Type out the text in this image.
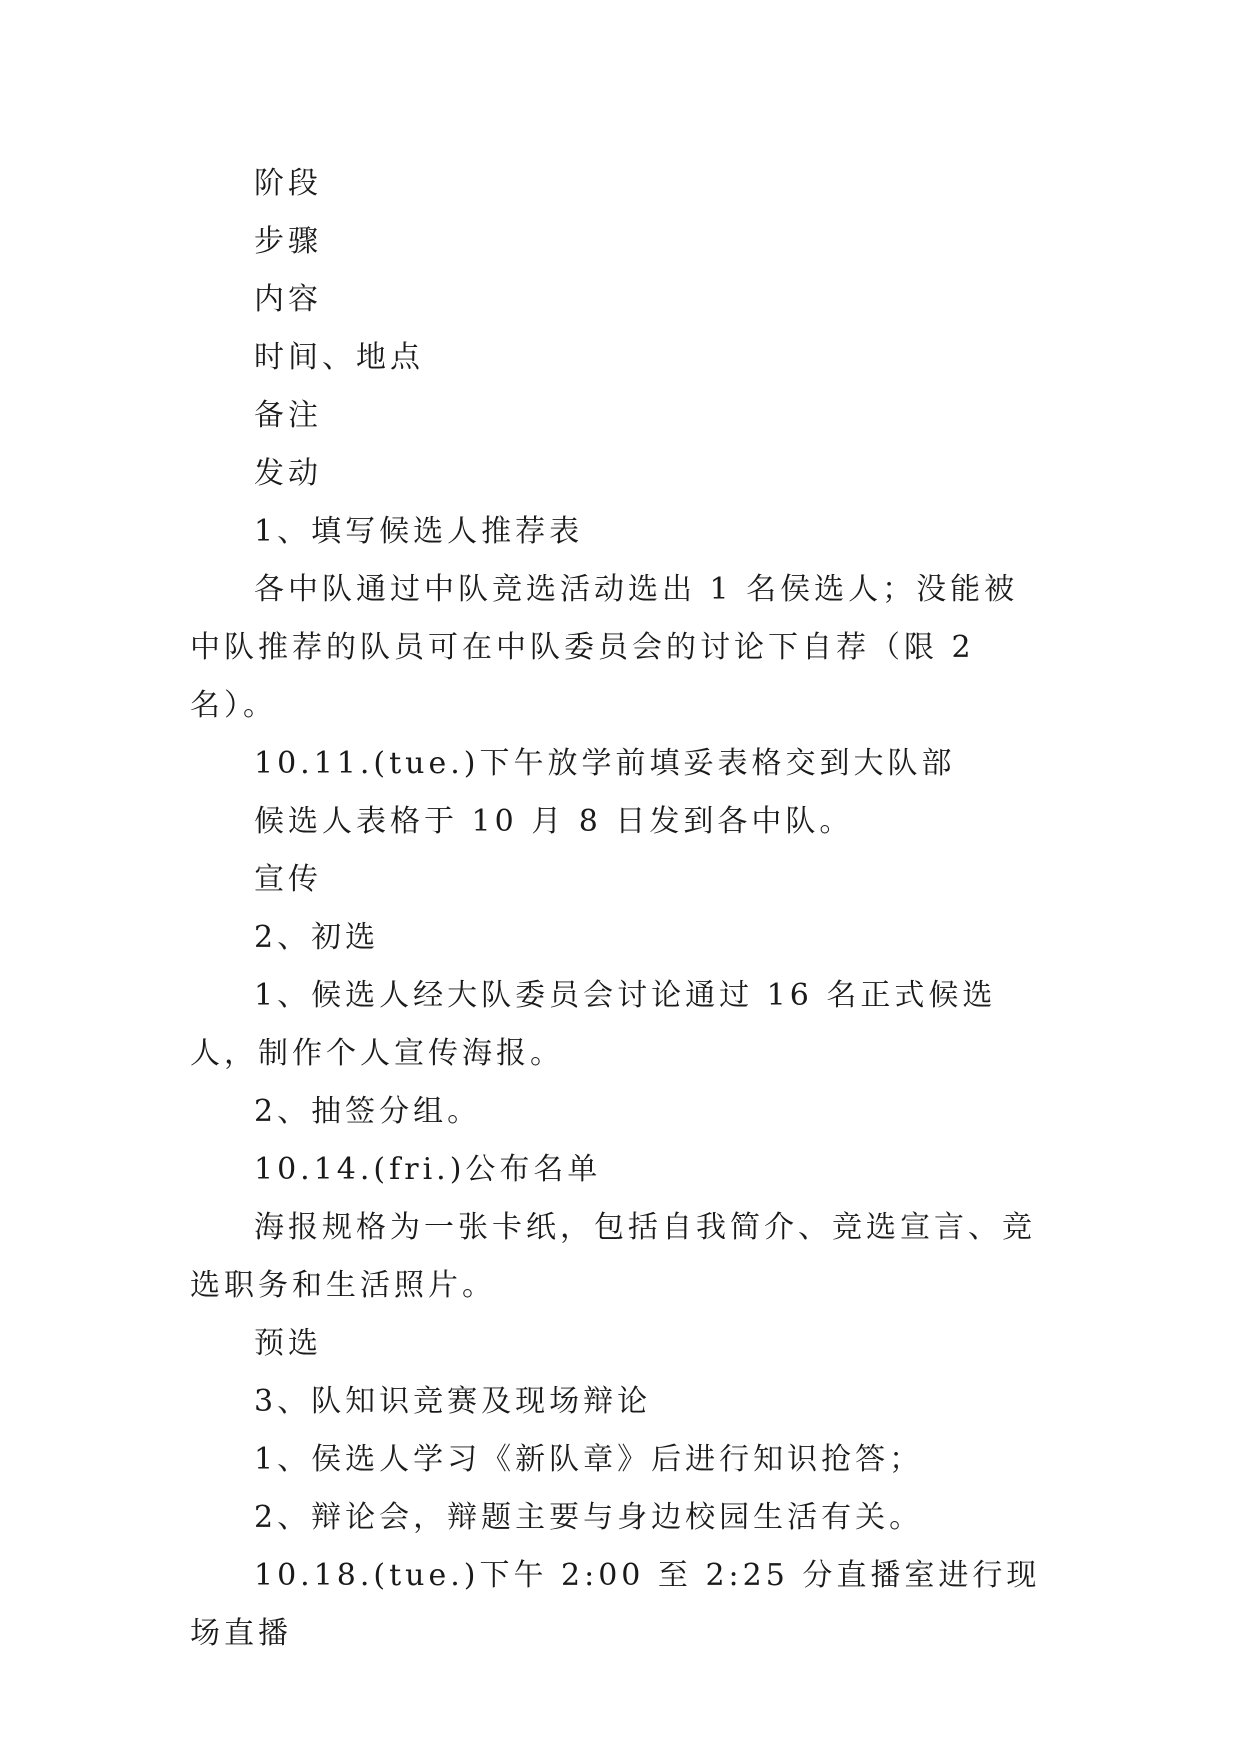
阶段

步骤

内容

时间、地点

备注

发动

1、填写候选人推荐表

各中队通过中队竞选活动选出 1 名侯选人；没能被中队推荐的队员可在中队委员会的讨论下自荐（限 2 名）。

10.11.(tue.)下午放学前填妥表格交到大队部

候选人表格于 10 月 8 日发到各中队。

宣传

2、初选

1、候选人经大队委员会讨论通过 16 名正式候选人，制作个人宣传海报。

2、抽签分组。

10.14.(fri.)公布名单

海报规格为一张卡纸，包括自我简介、竞选宣言、竞选职务和生活照片。

预选

3、队知识竞赛及现场辩论

1、侯选人学习《新队章》后进行知识抢答；

2、辩论会，辩题主要与身边校园生活有关。

10.18.(tue.)下午 2:00 至 2:25 分直播室进行现场直播
